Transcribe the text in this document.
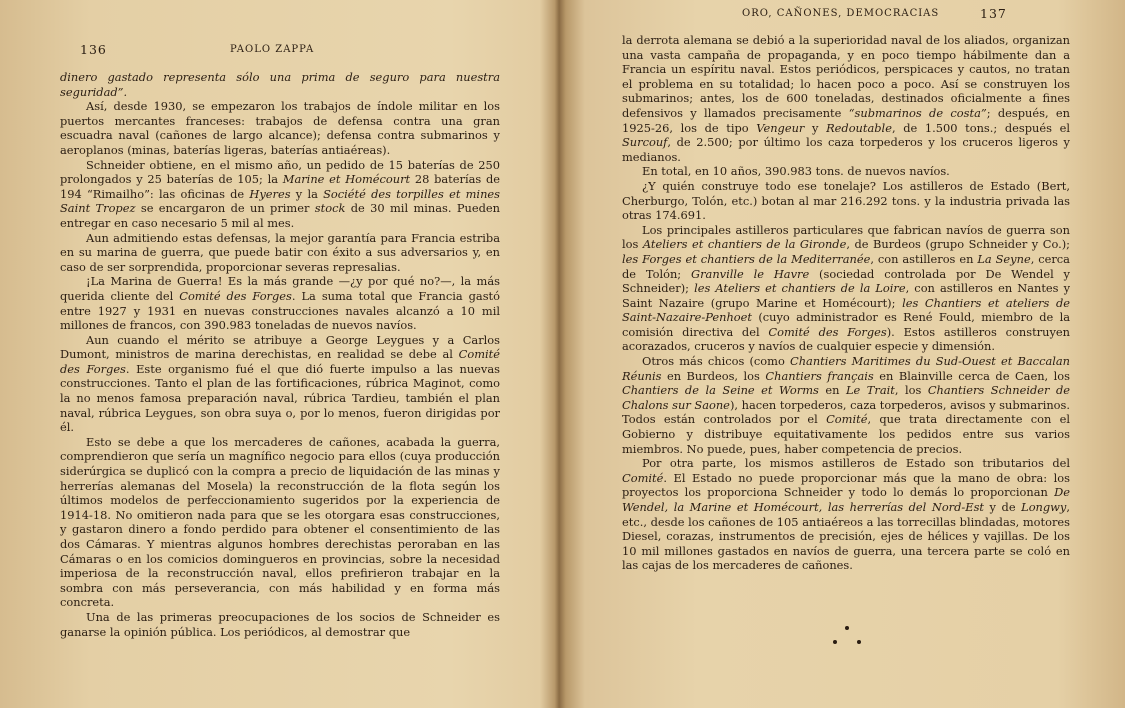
136	PAOLO ZAPPA

dinero gastado representa sólo una prima de seguro para nuestra seguridad”.

Así, desde 1930, se empezaron los trabajos de índole militar en los puertos mercantes franceses: trabajos de defensa contra una gran escuadra naval (cañones de largo alcance); defensa contra submarinos y aeroplanos (minas, baterías ligeras, baterías antiaéreas).

Schneider obtiene, en el mismo año, un pedido de 15 baterías de 250 prolongados y 25 baterías de 105; la Marine et Homécourt 28 baterías de 194 “Rimailho”: las oficinas de Hyeres y la Société des torpilles et mines Saint Tropez se encargaron de un primer stock de 30 mil minas. Pueden entregar en caso necesario 5 mil al mes.

Aun admitiendo estas defensas, la mejor garantía para Francia estriba en su marina de guerra, que puede batir con éxito a sus adversarios y, en caso de ser sorprendida, proporcionar severas represalias.

¡La Marina de Guerra! Es la más grande —¿y por qué no?—, la más querida cliente del Comité des Forges. La suma total que Francia gastó entre 1927 y 1931 en nuevas construcciones navales alcanzó a 10 mil millones de francos, con 390.983 toneladas de nuevos navíos.

Aun cuando el mérito se atribuye a George Leygues y a Carlos Dumont, ministros de marina derechistas, en realidad se debe al Comité des Forges. Este organismo fué el que dió fuerte impulso a las nuevas construcciones. Tanto el plan de las fortificaciones, rúbrica Maginot, como la no menos famosa preparación naval, rúbrica Tardieu, también el plan naval, rúbrica Leygues, son obra suya o, por lo menos, fueron dirigidas por él.

Esto se debe a que los mercaderes de cañones, acabada la guerra, comprendieron que sería un magnífico negocio para ellos (cuya producción siderúrgica se duplicó con la compra a precio de liquidación de las minas y herrerías alemanas del Mosela) la reconstrucción de la flota según los últimos modelos de perfeccionamiento sugeridos por la experiencia de 1914-18. No omitieron nada para que se les otorgara esas construcciones, y gastaron dinero a fondo perdido para obtener el consentimiento de las dos Cámaras. Y mientras algunos hombres derechistas peroraban en las Cámaras o en los comicios domingueros en provincias, sobre la necesidad imperiosa de la reconstrucción naval, ellos prefirieron trabajar en la sombra con más perseverancia, con más habilidad y en forma más concreta.

Una de las primeras preocupaciones de los socios de Schneider es ganarse la opinión pública. Los periódicos, al demostrar que

ORO, CAÑONES, DEMOCRACIAS	137

la derrota alemana se debió a la superioridad naval de los aliados, organizan una vasta campaña de propaganda, y en poco tiempo hábilmente dan a Francia un espíritu naval. Estos periódicos, perspicaces y cautos, no tratan el problema en su totalidad; lo hacen poco a poco. Así se construyen los submarinos; antes, los de 600 toneladas, destinados oficialmente a fines defensivos y llamados precisamente “submarinos de costa”; después, en 1925-26, los de tipo Vengeur y Redoutable, de 1.500 tons.; después el Surcouf, de 2.500; por último los caza torpederos y los cruceros ligeros y medianos.

En total, en 10 años, 390.983 tons. de nuevos navíos.

¿Y quién construye todo ese tonelaje? Los astilleros de Estado (Bert, Cherburgo, Tolón, etc.) botan al mar 216.292 tons. y la industria privada las otras 174.691.

Los principales astilleros particulares que fabrican navíos de guerra son los Ateliers et chantiers de la Gironde, de Burdeos (grupo Schneider y Co.); les Forges et chantiers de la Mediterranée, con astilleros en La Seyne, cerca de Tolón; Granville le Havre (sociedad controlada por De Wendel y Schneider); les Ateliers et chantiers de la Loire, con astilleros en Nantes y Saint Nazaire (grupo Marine et Homécourt); les Chantiers et ateliers de Saint-Nazaire-Penhoet (cuyo administrador es René Fould, miembro de la comisión directiva del Comité des Forges). Estos astilleros construyen acorazados, cruceros y navíos de cualquier especie y dimensión.

Otros más chicos (como Chantiers Maritimes du Sud-Ouest et Baccalan Réunis en Burdeos, los Chantiers français en Blainville cerca de Caen, los Chantiers de la Seine et Worms en Le Trait, los Chantiers Schneider de Chalons sur Saone), hacen torpederos, caza torpederos, avisos y submarinos. Todos están controlados por el Comité, que trata directamente con el Gobierno y distribuye equitativamente los pedidos entre sus varios miembros. No puede, pues, haber competencia de precios.

Por otra parte, los mismos astilleros de Estado son tributarios del Comité. El Estado no puede proporcionar más que la mano de obra: los proyectos los proporciona Schneider y todo lo demás lo proporcionan De Wendel, la Marine et Homécourt, las herrerías del Nord-Est y de Longwy, etc., desde los cañones de 105 antiaéreos a las torrecillas blindadas, motores Diesel, corazas, instrumentos de precisión, ejes de hélices y vajillas. De los 10 mil millones gastados en navíos de guerra, una tercera parte se coló en las cajas de los mercaderes de cañones.
